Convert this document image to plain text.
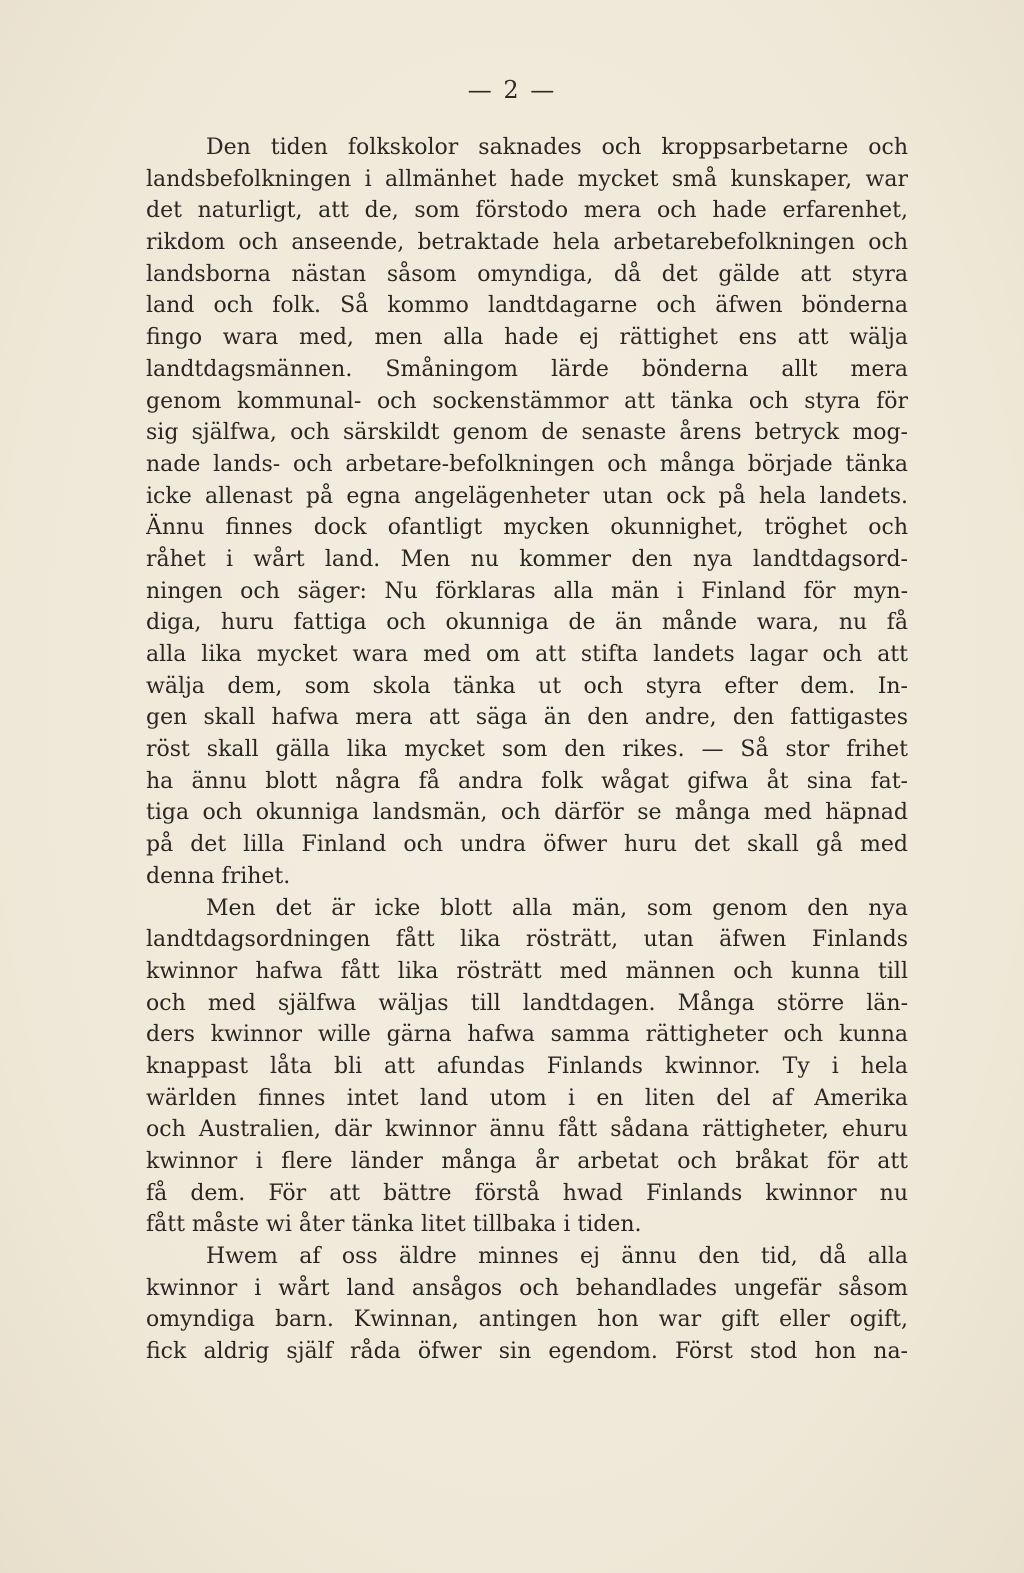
— 2 —
Den tiden folkskolor saknades och kroppsarbetarne och
landsbefolkningen i allmänhet hade mycket små kunskaper, war
det naturligt, att de, som förstodo mera och hade erfarenhet,
rikdom och anseende, betraktade hela arbetarebefolkningen och
landsborna nästan såsom omyndiga, då det gälde att styra
land och folk. Så kommo landtdagarne och äfwen bönderna
fingo wara med, men alla hade ej rättighet ens att wälja
landtdagsmännen. Småningom lärde bönderna allt mera
genom kommunal- och sockenstämmor att tänka och styra för
sig själfwa, och särskildt genom de senaste årens betryck mog-
nade lands- och arbetare-befolkningen och många började tänka
icke allenast på egna angelägenheter utan ock på hela landets.
Ännu finnes dock ofantligt mycken okunnighet, tröghet och
råhet i wårt land. Men nu kommer den nya landtdagsord-
ningen och säger: Nu förklaras alla män i Finland för myn-
diga, huru fattiga och okunniga de än månde wara, nu få
alla lika mycket wara med om att stifta landets lagar och att
wälja dem, som skola tänka ut och styra efter dem. In-
gen skall hafwa mera att säga än den andre, den fattigastes
röst skall gälla lika mycket som den rikes. — Så stor frihet
ha ännu blott några få andra folk wågat gifwa åt sina fat-
tiga och okunniga landsmän, och därför se många med häpnad
på det lilla Finland och undra öfwer huru det skall gå med
denna frihet.
Men det är icke blott alla män, som genom den nya
landtdagsordningen fått lika rösträtt, utan äfwen Finlands
kwinnor hafwa fått lika rösträtt med männen och kunna till
och med själfwa wäljas till landtdagen. Många större län-
ders kwinnor wille gärna hafwa samma rättigheter och kunna
knappast låta bli att afundas Finlands kwinnor. Ty i hela
wärlden finnes intet land utom i en liten del af Amerika
och Australien, där kwinnor ännu fått sådana rättigheter, ehuru
kwinnor i flere länder många år arbetat och bråkat för att
få dem. För att bättre förstå hwad Finlands kwinnor nu
fått måste wi åter tänka litet tillbaka i tiden.
Hwem af oss äldre minnes ej ännu den tid, då alla
kwinnor i wårt land ansågos och behandlades ungefär såsom
omyndiga barn. Kwinnan, antingen hon war gift eller ogift,
fick aldrig själf råda öfwer sin egendom. Först stod hon na-
